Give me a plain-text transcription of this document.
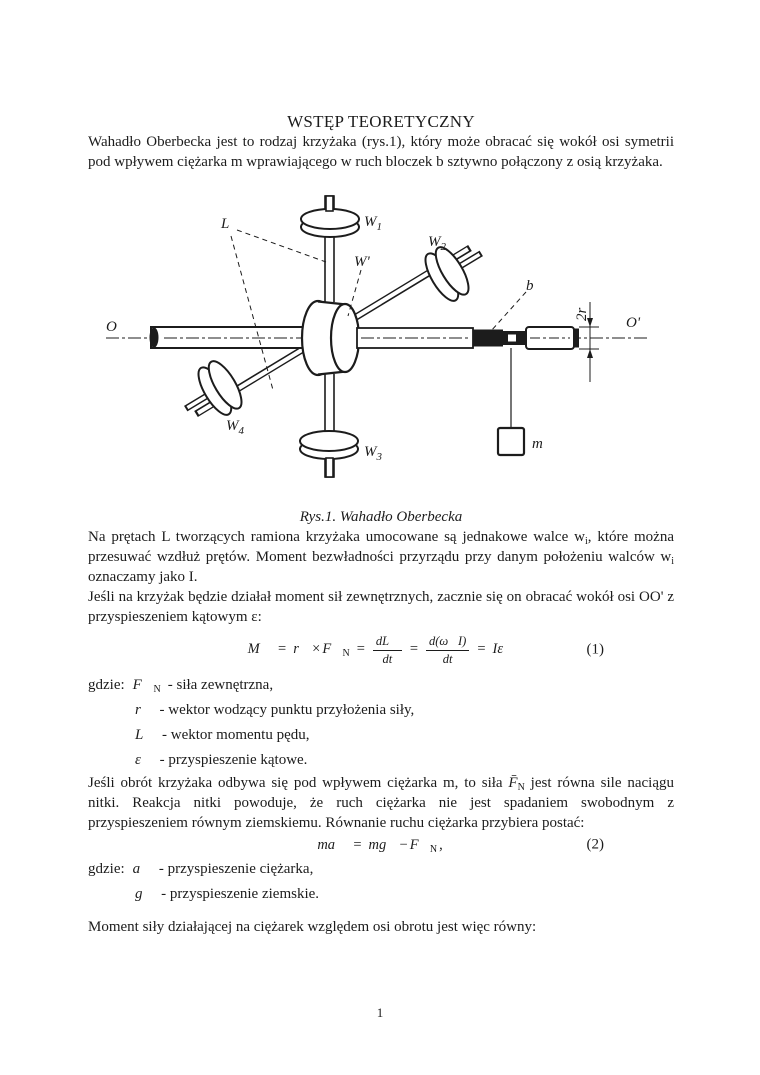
WSTĘP TEORETYCZNY

Wahadło Oberbecka jest to rodzaj krzyżaka (rys.1), który może obracać się wokół osi symetrii pod wpływem ciężarka m wprawiającego w ruch bloczek b sztywno połączony z osią krzyżaka.

O	O'
L
W'
$W_1$
$W_2$
$W_3$
$W_4$
b
m
2r
Rys.1. Wahadło Oberbecka

Na prętach L tworzących ramiona krzyżaka umocowane są jednakowe walce $w_i$, które można przesuwać wzdłuż prętów. Moment bezwładności przyrządu przy danym położeniu walców $w_i$ oznaczamy jako I.

Jeśli na krzyżak będzie działał moment sił zewnętrznych, zacznie się on obracać wokół osi OO' z przyspieszeniem kątowym ε:

M⃗ = r⃗ × $F⃗_N = \frac{dL⃗}{dt} = \frac{d(\omega⃗I)}{dt}$ = Iε⃗	(1)
gdzie: $F⃗_N$ - siła zewnętrzna,
r⃗ - wektor wodzący punktu przyłożenia siły,
L⃗ - wektor momentu pędu,
ε⃗ - przyspieszenie kątowe.

Jeśli obrót krzyżaka odbywa się pod wpływem ciężarka m, to siła $F̄_N$ jest równa sile naciągu nitki. Reakcja nitki powoduje, że ruch ciężarka nie jest spadaniem swobodnym z przyspieszeniem równym ziemskiemu. Równanie ruchu ciężarka przybiera postać:

ma⃗ = mg⃗ − $F⃗_N$ ,	(2)
gdzie: a⃗ - przyspieszenie ciężarka,
g⃗ - przyspieszenie ziemskie.

Moment siły działającej na ciężarek względem osi obrotu jest więc równy:

1
